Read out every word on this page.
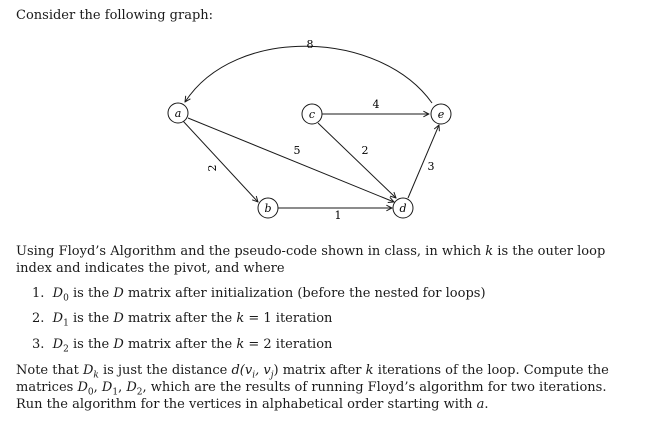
Consider the following graph:

8
4
2
5	2
3
1
a
b
c
d
e

Using Floyd’s Algorithm and the pseudo-code shown in class, in which k is the outer loop index and indicates the pivot, and where

1. $D_0$ is the D matrix after initialization (before the nested for loops)
2. $D_1$ is the D matrix after the k = 1 iteration
3. $D_2$ is the D matrix after the k = 2 iteration

Note that $D_k$ is just the distance $d(v_i$, $v_j$) matrix after k iterations of the loop. Compute the matrices $D_0$, $D_1$, $D_2$, which are the results of running Floyd’s algorithm for two iterations. Run the algorithm for the vertices in alphabetical order starting with a.
